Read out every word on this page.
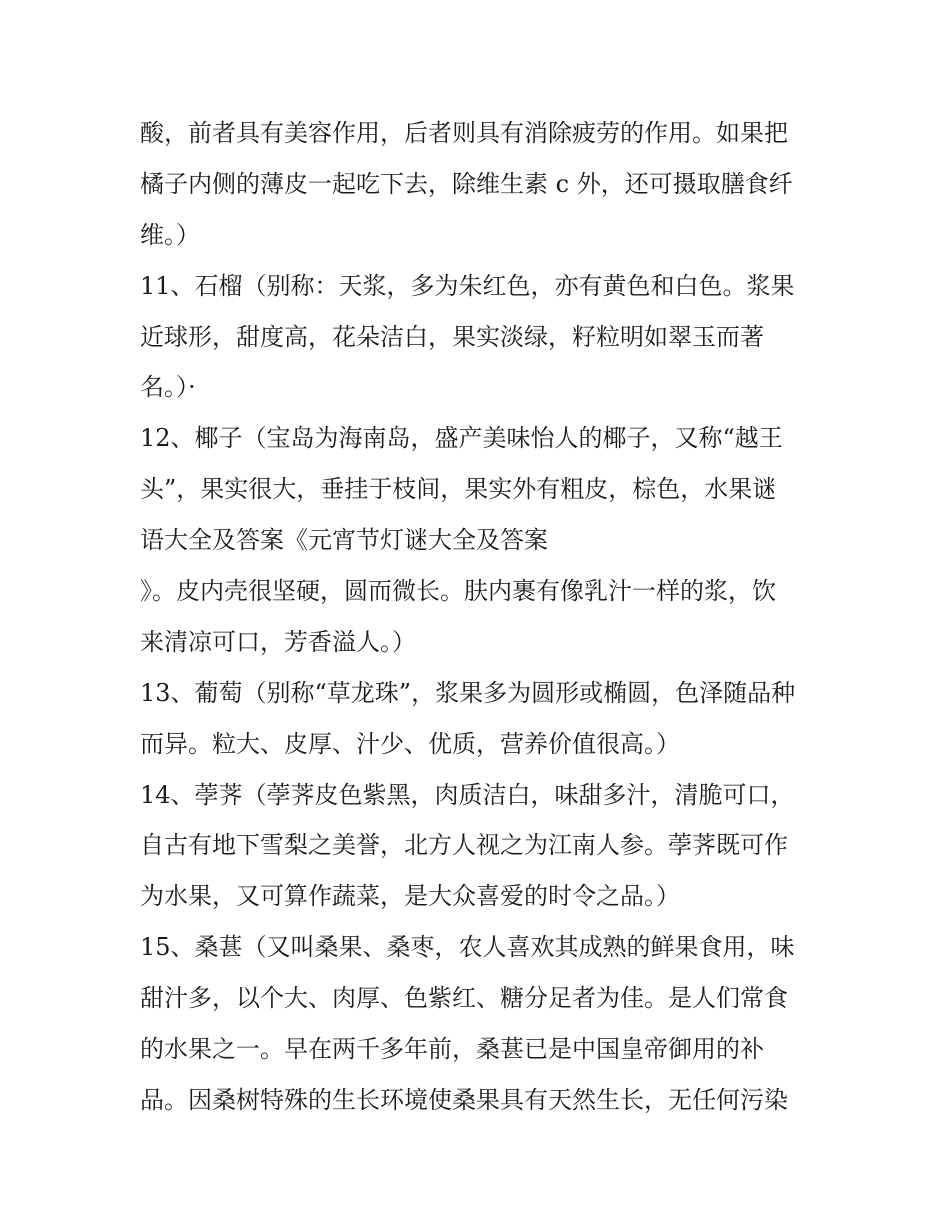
酸，前者具有美容作用，后者则具有消除疲劳的作用。如果把
橘子内侧的薄皮一起吃下去，除维生素 c 外，还可摄取膳食纤
维。）
11、石榴（别称：天浆，多为朱红色，亦有黄色和白色。浆果
近球形，甜度高，花朵洁白，果实淡绿，籽粒明如翠玉而著
名。）·
12、椰子（宝岛为海南岛，盛产美味怡人的椰子，又称“越王
头”，果实很大，垂挂于枝间，果实外有粗皮，棕色，水果谜
语大全及答案《元宵节灯谜大全及答案
》。皮内壳很坚硬，圆而微长。肤内裹有像乳汁一样的浆，饮
来清凉可口，芳香溢人。）
13、葡萄（别称“草龙珠”，浆果多为圆形或椭圆，色泽随品种
而异。粒大、皮厚、汁少、优质，营养价值很高。）
14、荸荠（荸荠皮色紫黑，肉质洁白，味甜多汁，清脆可口，
自古有地下雪梨之美誉，北方人视之为江南人参。荸荠既可作
为水果，又可算作蔬菜，是大众喜爱的时令之品。）
15、桑葚（又叫桑果、桑枣，农人喜欢其成熟的鲜果食用，味
甜汁多，以个大、肉厚、色紫红、糖分足者为佳。是人们常食
的水果之一。早在两千多年前，桑葚已是中国皇帝御用的补
品。因桑树特殊的生长环境使桑果具有天然生长，无任何污染
